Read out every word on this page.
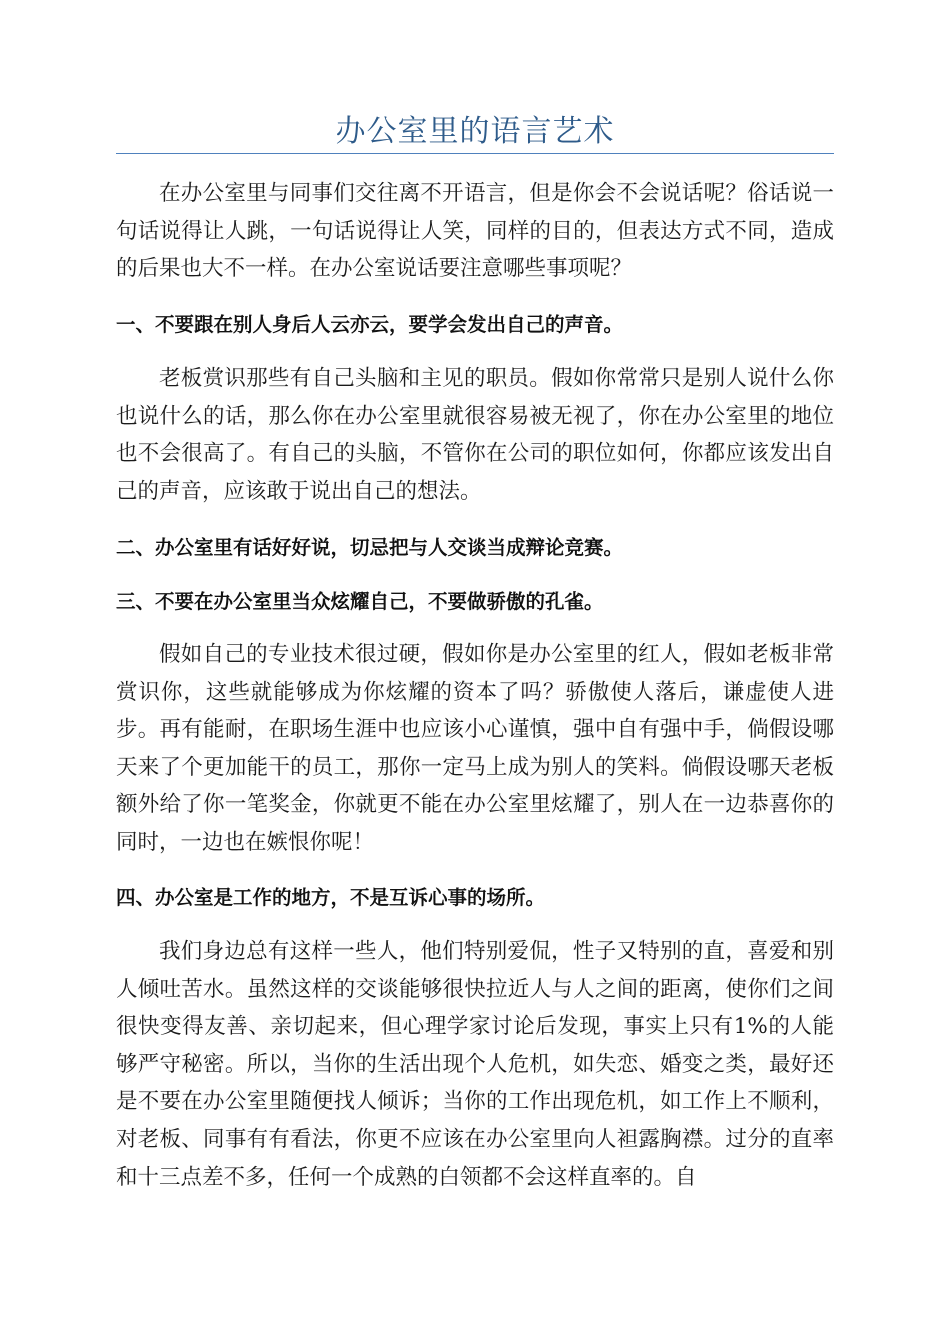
办公室里的语言艺术

在办公室里与同事们交往离不开语言，但是你会不会说话呢？俗话说一句话说得让人跳，一句话说得让人笑，同样的目的，但表达方式不同，造成的后果也大不一样。在办公室说话要注意哪些事项呢？

一、不要跟在别人身后人云亦云，要学会发出自己的声音。

老板赏识那些有自己头脑和主见的职员。假如你常常只是别人说什么你也说什么的话，那么你在办公室里就很容易被无视了，你在办公室里的地位也不会很高了。有自己的头脑，不管你在公司的职位如何，你都应该发出自己的声音，应该敢于说出自己的想法。

二、办公室里有话好好说，切忌把与人交谈当成辩论竞赛。

三、不要在办公室里当众炫耀自己，不要做骄傲的孔雀。

假如自己的专业技术很过硬，假如你是办公室里的红人，假如老板非常赏识你，这些就能够成为你炫耀的资本了吗？骄傲使人落后，谦虚使人进步。再有能耐，在职场生涯中也应该小心谨慎，强中自有强中手，倘假设哪天来了个更加能干的员工，那你一定马上成为别人的笑料。倘假设哪天老板额外给了你一笔奖金，你就更不能在办公室里炫耀了，别人在一边恭喜你的同时，一边也在嫉恨你呢！

四、办公室是工作的地方，不是互诉心事的场所。

我们身边总有这样一些人，他们特别爱侃，性子又特别的直，喜爱和别人倾吐苦水。虽然这样的交谈能够很快拉近人与人之间的距离，使你们之间很快变得友善、亲切起来，但心理学家讨论后发现，事实上只有1%的人能够严守秘密。所以，当你的生活出现个人危机，如失恋、婚变之类，最好还是不要在办公室里随便找人倾诉；当你的工作出现危机，如工作上不顺利，对老板、同事有有看法，你更不应该在办公室里向人袒露胸襟。过分的直率和十三点差不多，任何一个成熟的白领都不会这样直率的。自
